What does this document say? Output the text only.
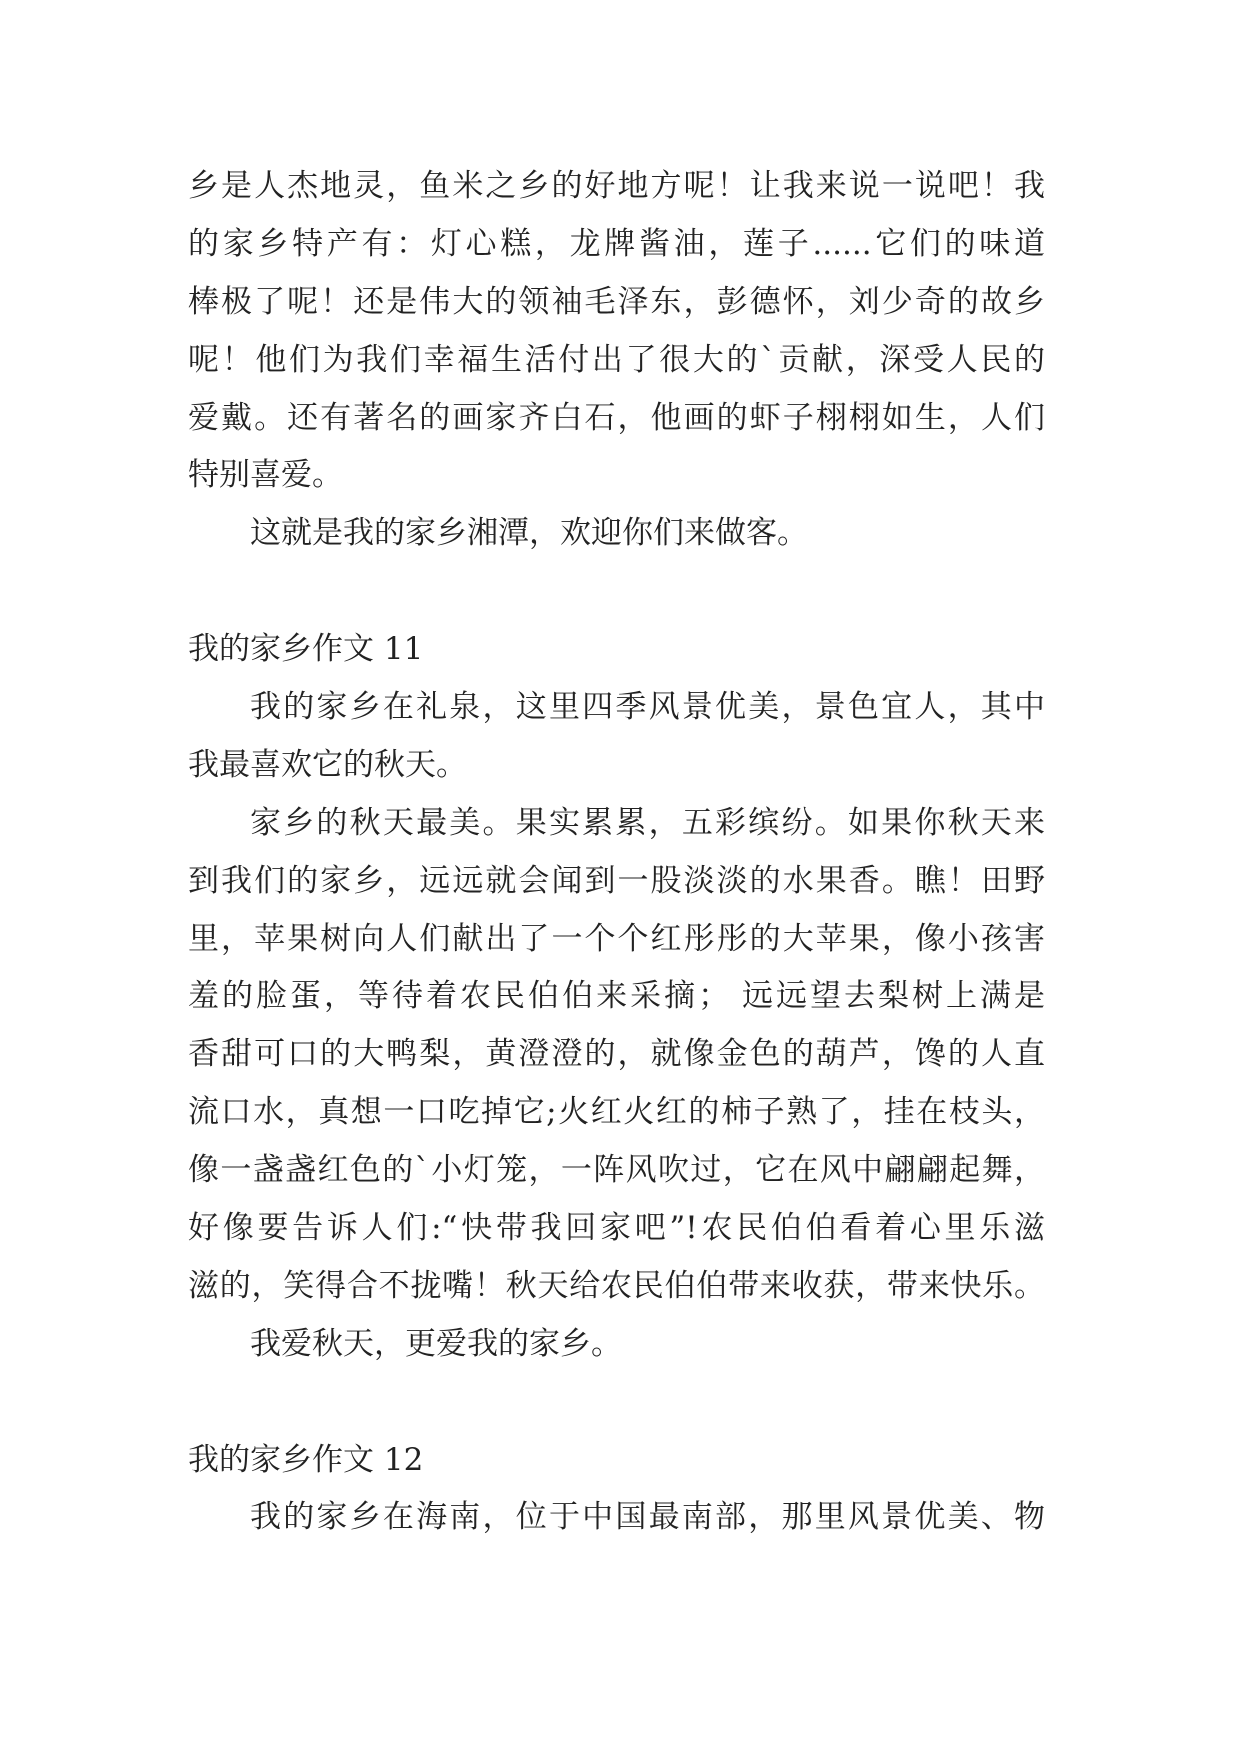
乡是人杰地灵，鱼米之乡的好地方呢！让我来说一说吧！我
的家乡特产有：灯心糕，龙牌酱油，莲子......它们的味道
棒极了呢！还是伟大的领袖毛泽东，彭德怀，刘少奇的故乡
呢！他们为我们幸福生活付出了很大的`贡献，深受人民的
爱戴。还有著名的画家齐白石，他画的虾子栩栩如生，人们
特别喜爱。
这就是我的家乡湘潭，欢迎你们来做客。
我的家乡作文 11
我的家乡在礼泉，这里四季风景优美，景色宜人，其中
我最喜欢它的秋天。
家乡的秋天最美。果实累累，五彩缤纷。如果你秋天来
到我们的家乡，远远就会闻到一股淡淡的水果香。瞧！田野
里，苹果树向人们献出了一个个红彤彤的大苹果，像小孩害
羞的脸蛋，等待着农民伯伯来采摘； 远远望去梨树上满是
香甜可口的大鸭梨，黄澄澄的，就像金色的葫芦，馋的人直
流口水，真想一口吃掉它;火红火红的柿子熟了，挂在枝头，
像一盏盏红色的`小灯笼，一阵风吹过，它在风中翩翩起舞，
好像要告诉人们:“快带我回家吧”!农民伯伯看着心里乐滋
滋的，笑得合不拢嘴！秋天给农民伯伯带来收获，带来快乐。
我爱秋天，更爱我的家乡。
我的家乡作文 12
我的家乡在海南，位于中国最南部，那里风景优美、物
